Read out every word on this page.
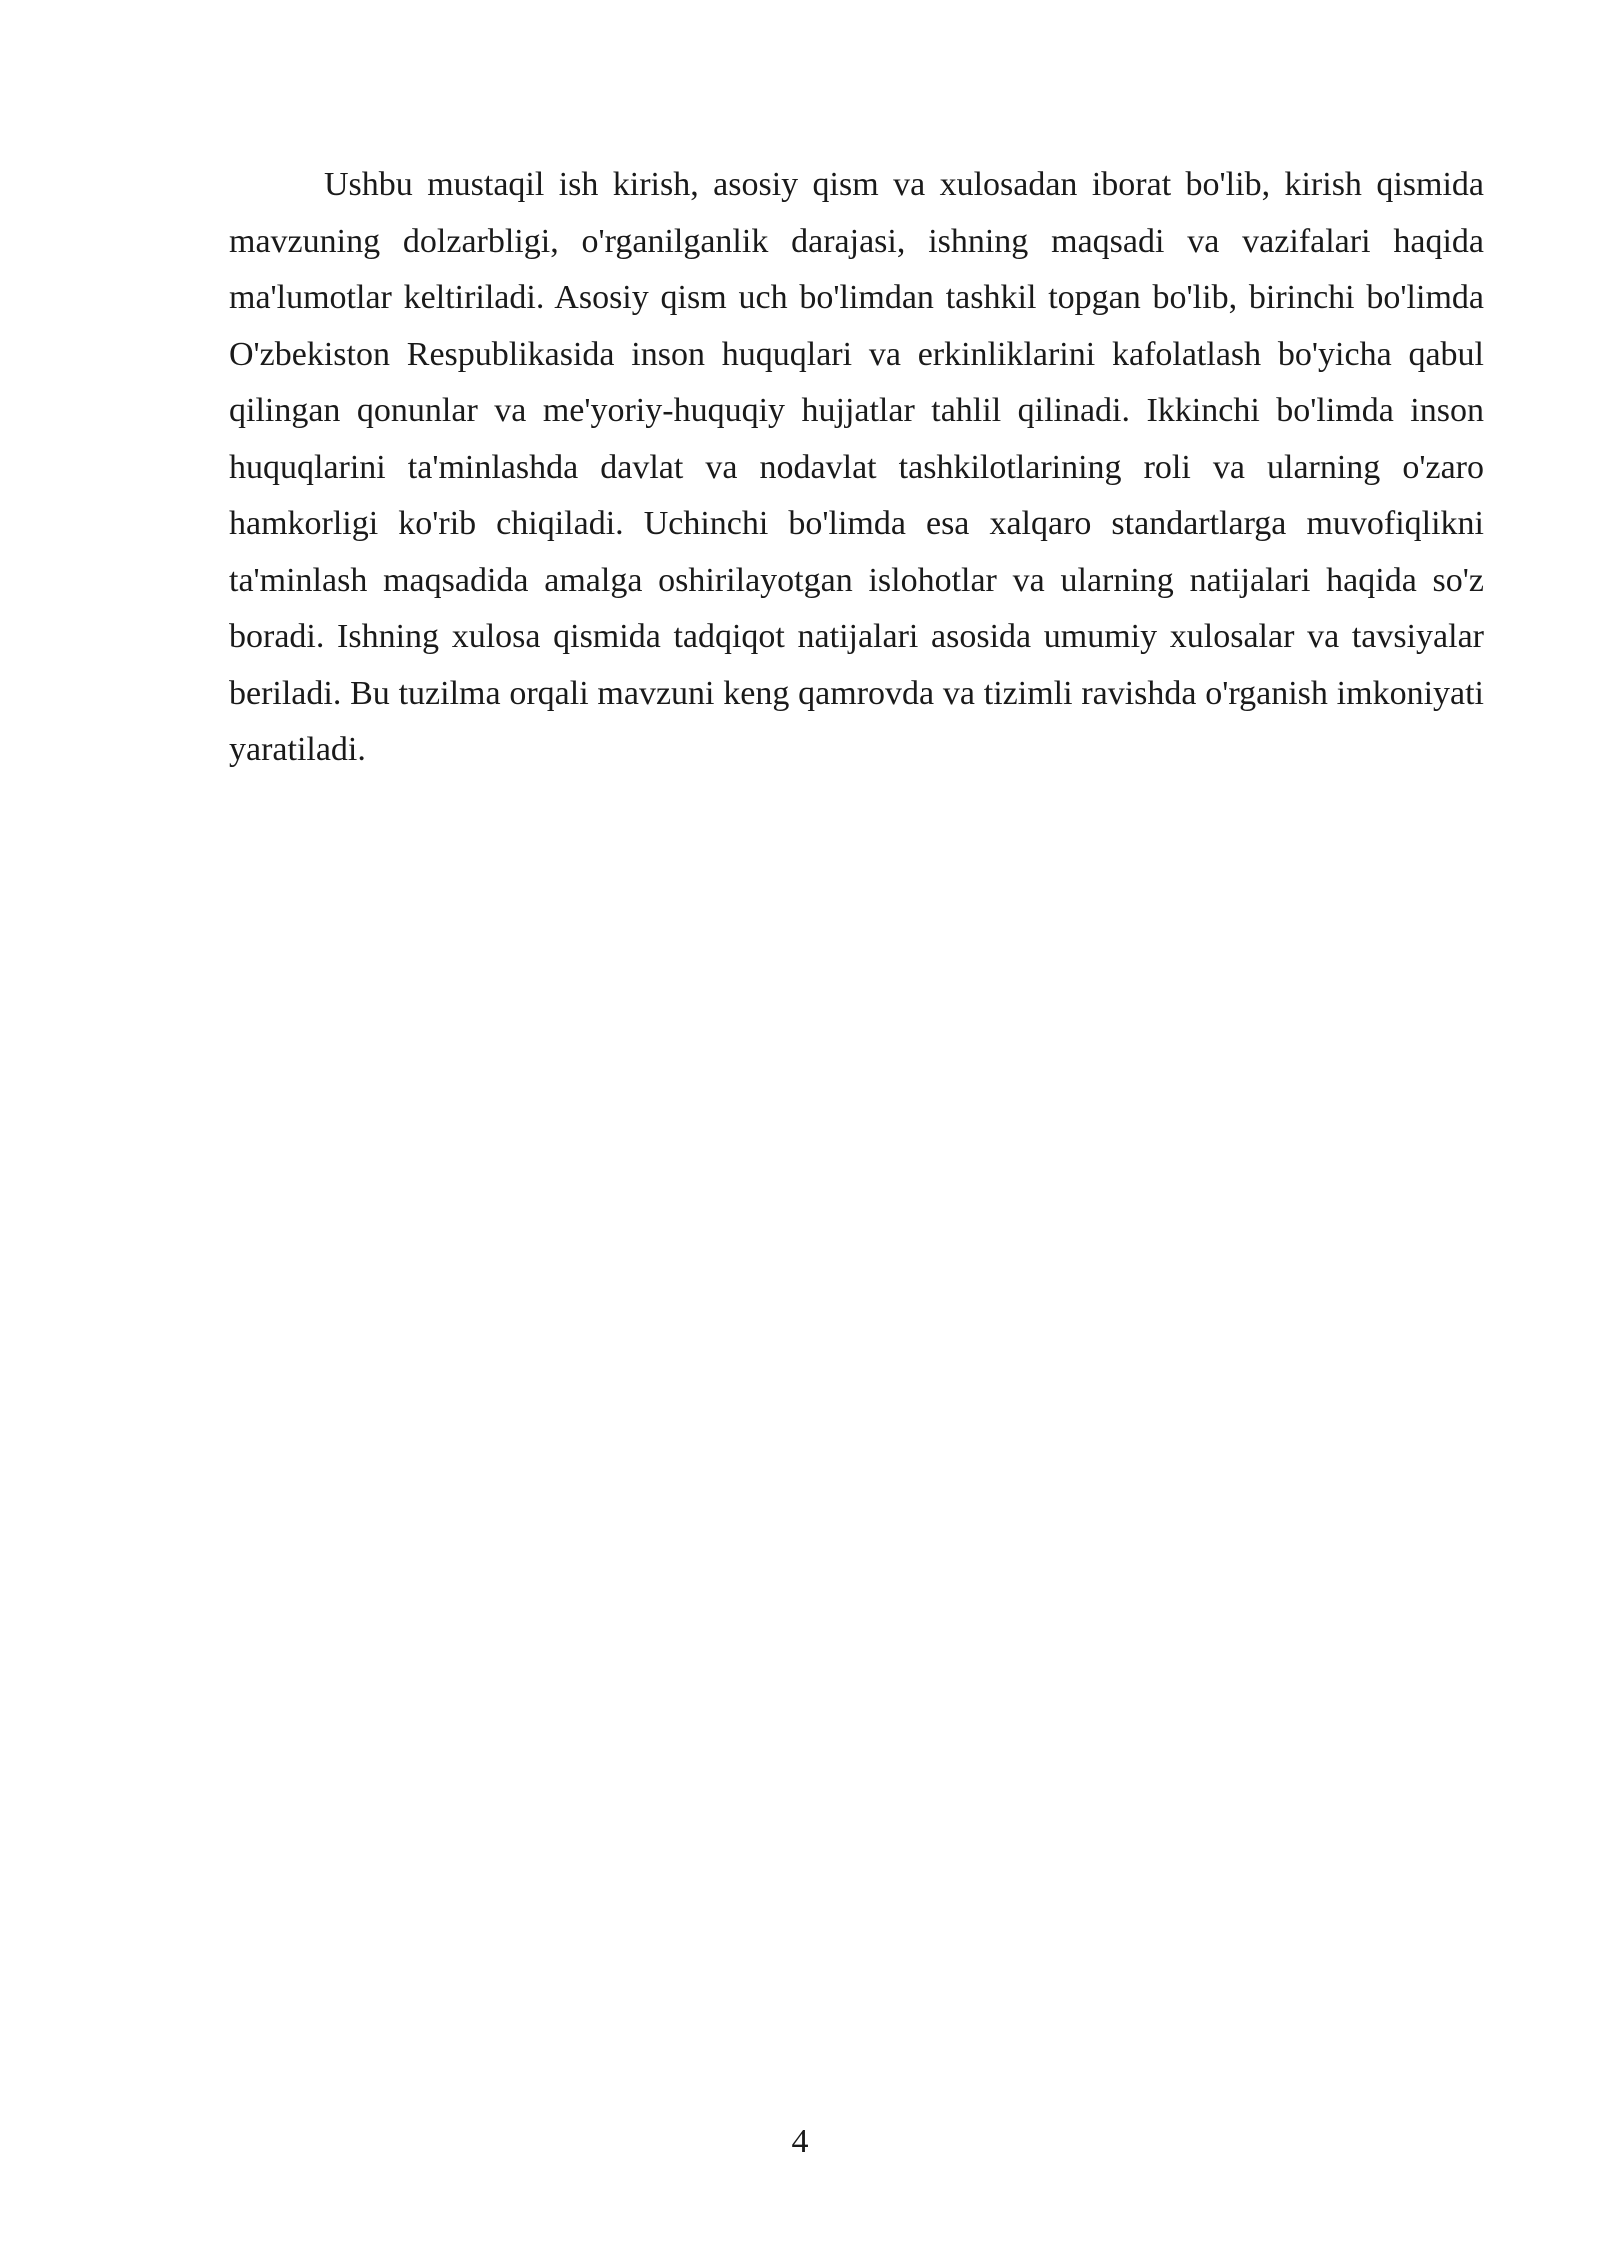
Ushbu mustaqil ish kirish, asosiy qism va xulosadan iborat bo'lib, kirish qismida mavzuning dolzarbligi, o'rganilganlik darajasi, ishning maqsadi va vazifalari haqida ma'lumotlar keltiriladi. Asosiy qism uch bo'limdan tashkil topgan bo'lib, birinchi bo'limda O'zbekiston Respublikasida inson huquqlari va erkinliklarini kafolatlash bo'yicha qabul qilingan qonunlar va me'yoriy-huquqiy hujjatlar tahlil qilinadi. Ikkinchi bo'limda inson huquqlarini ta'minlashda davlat va nodavlat tashkilotlarining roli va ularning o'zaro hamkorligi ko'rib chiqiladi. Uchinchi bo'limda esa xalqaro standartlarga muvofiqlikni ta'minlash maqsadida amalga oshirilayotgan islohotlar va ularning natijalari haqida so'z boradi. Ishning xulosa qismida tadqiqot natijalari asosida umumiy xulosalar va tavsiyalar beriladi. Bu tuzilma orqali mavzuni keng qamrovda va tizimli ravishda o'rganish imkoniyati yaratiladi.

4
